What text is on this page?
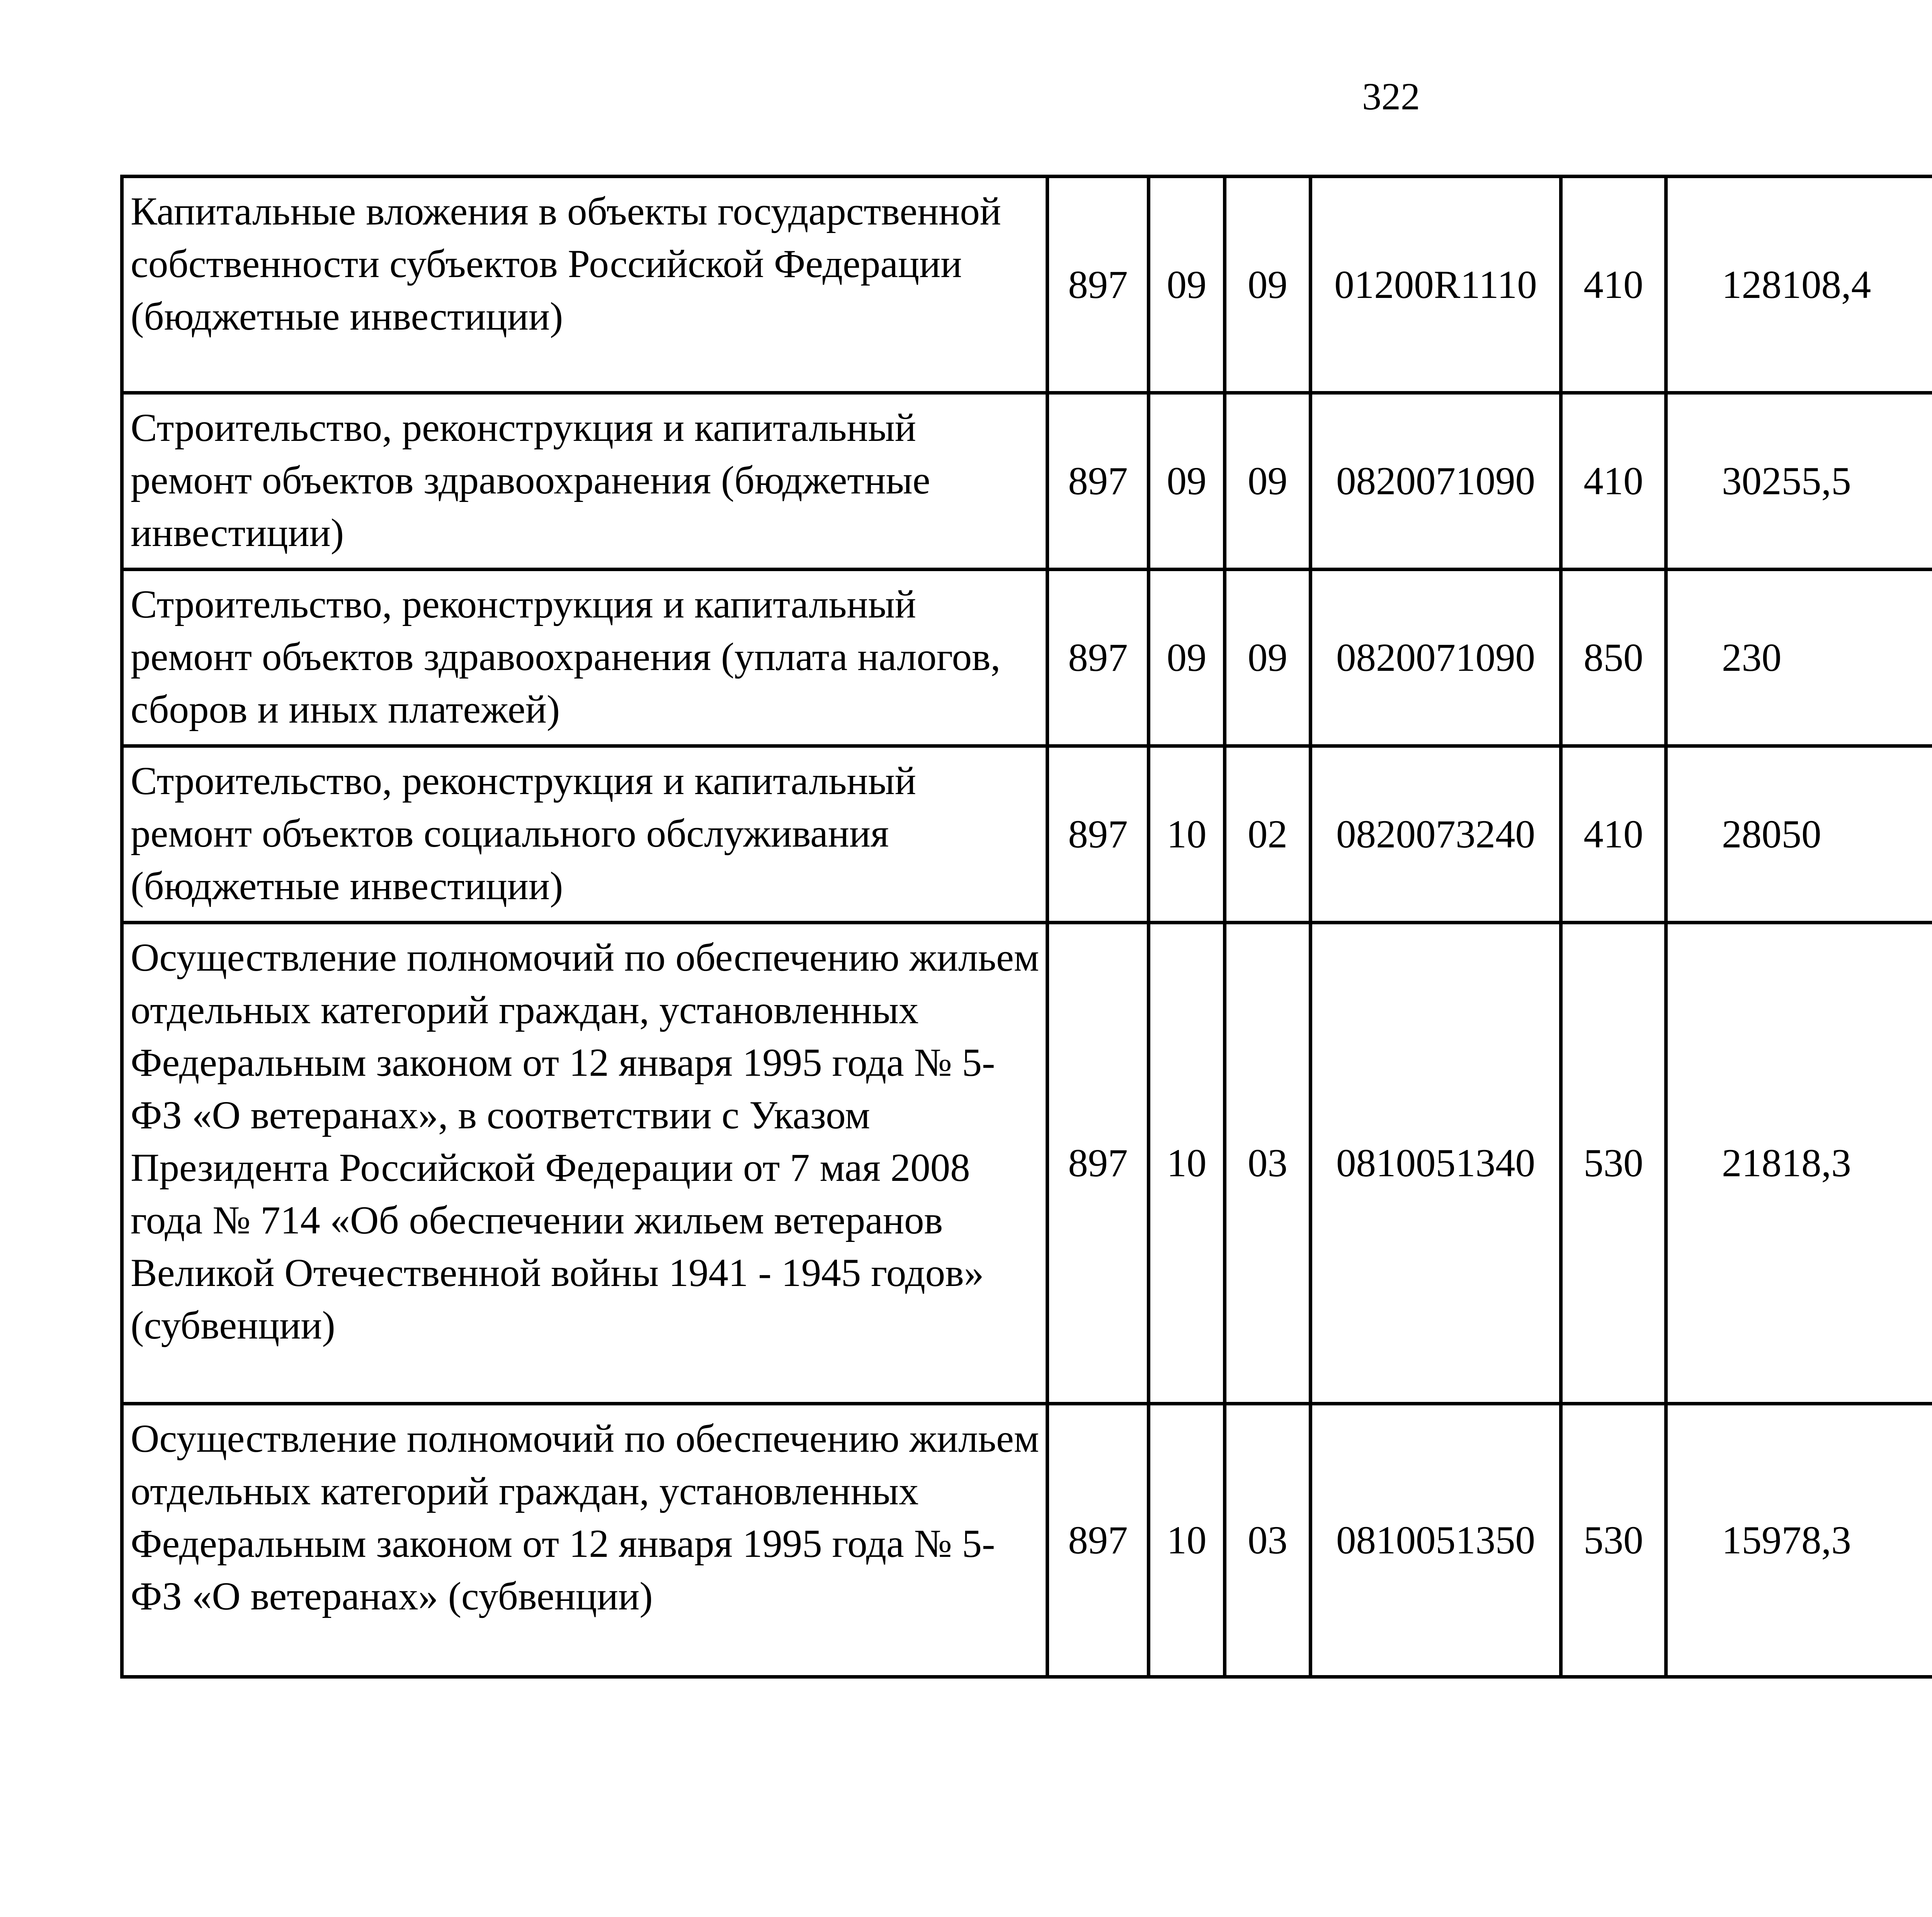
322
Капитальные вложения в объекты государственной собственности субъектов Российской Федерации (бюджетные инвестиции)	897	09	09	01200R1110	410	128108,4		
Строительство, реконструкция и капитальный ремонт объектов здравоохранения (бюджетные инвестиции)	897	09	09	0820071090	410	30255,5		
Строительство, реконструкция и капитальный ремонт объектов здравоохранения (уплата налогов, сборов и иных платежей)	897	09	09	0820071090	850	230		
Строительство, реконструкция и капитальный ремонт объектов социального обслуживания (бюджетные инвестиции)	897	10	02	0820073240	410	28050		
Осуществление полномочий по обеспечению жильем отдельных категорий граждан, установленных Федеральным законом от 12 января 1995 года № 5-ФЗ «О ветеранах», в соответствии с Указом Президента Российской Федерации от 7 мая 2008 года № 714 «Об обеспечении жильем ветеранов Великой Отечественной войны 1941 - 1945 годов» (субвенции)	897	10	03	0810051340	530	21818,3		
Осуществление полномочий по обеспечению жильем отдельных категорий граждан, установленных Федеральным законом от 12 января 1995 года № 5-ФЗ «О ветеранах» (субвенции)	897	10	03	0810051350	530	15978,3		
